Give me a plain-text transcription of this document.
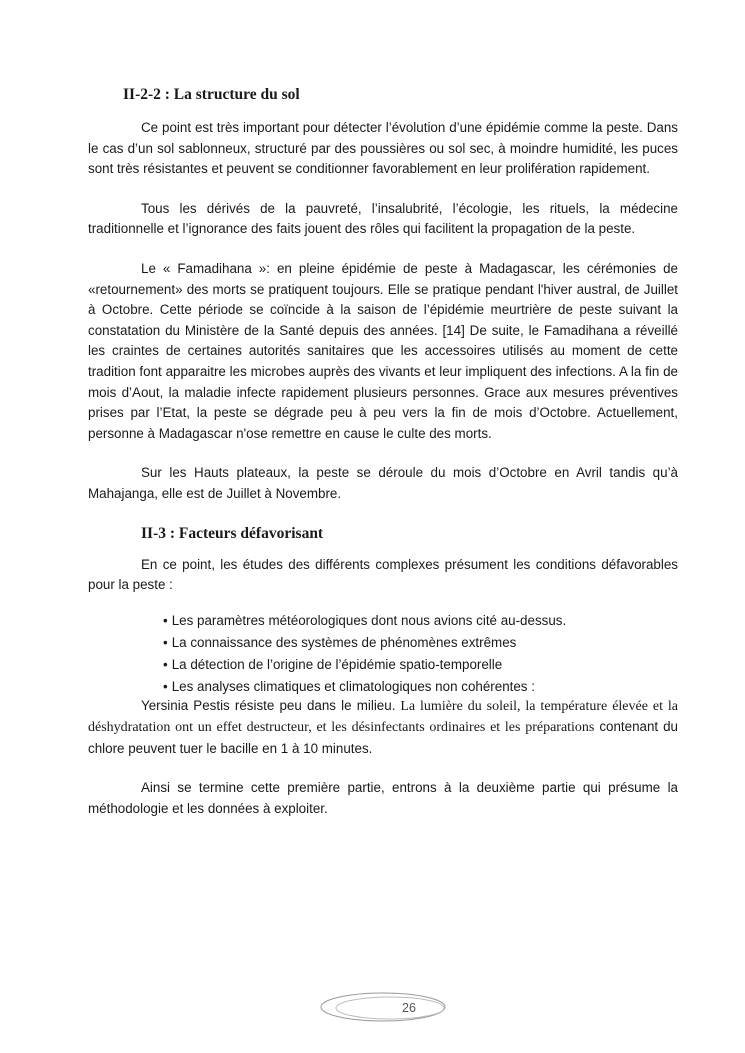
II-2-2 : La structure du sol

Ce point est très important pour détecter l’évolution d’une épidémie comme la peste. Dans le cas d’un sol sablonneux, structuré par des poussières ou sol sec, à moindre humidité, les puces sont très résistantes et peuvent se conditionner favorablement en leur prolifération rapidement.

Tous les dérivés de la pauvreté, l’insalubrité, l’écologie, les rituels, la médecine traditionnelle et l’ignorance des faits jouent des rôles qui facilitent la propagation de la peste.

Le « Famadihana »: en pleine épidémie de peste à Madagascar, les cérémonies de «retournement» des morts se pratiquent toujours. Elle se pratique pendant l'hiver austral, de Juillet à Octobre. Cette période se coïncide à la saison de l’épidémie meurtrière de peste suivant la constatation du Ministère de la Santé depuis des années. [14] De suite, le Famadihana a réveillé les craintes de certaines autorités sanitaires que les accessoires utilisés au moment de cette tradition font apparaitre les microbes auprès des vivants et leur impliquent des infections. A la fin de mois d’Aout, la maladie infecte rapidement plusieurs personnes. Grace aux mesures préventives prises par l’Etat, la peste se dégrade peu à peu vers la fin de mois d’Octobre. Actuellement, personne à Madagascar n'ose remettre en cause le culte des morts.

Sur les Hauts plateaux, la peste se déroule du mois d’Octobre en Avril tandis qu’à Mahajanga, elle est de Juillet à Novembre.

II-3 : Facteurs défavorisant

En ce point, les études des différents complexes présument les conditions défavorables pour la peste :

• Les paramètres météorologiques dont nous avions cité au-dessus.
• La connaissance des systèmes de phénomènes extrêmes
• La détection de l’origine de l’épidémie spatio-temporelle
• Les analyses climatiques et climatologiques non cohérentes :

Yersinia Pestis résiste peu dans le milieu. La lumière du soleil, la température élevée et la déshydratation ont un effet destructeur, et les désinfectants ordinaires et les préparations contenant du chlore peuvent tuer le bacille en 1 à 10 minutes.

Ainsi se termine cette première partie, entrons à la deuxième partie qui présume la méthodologie et les données à exploiter.

26
